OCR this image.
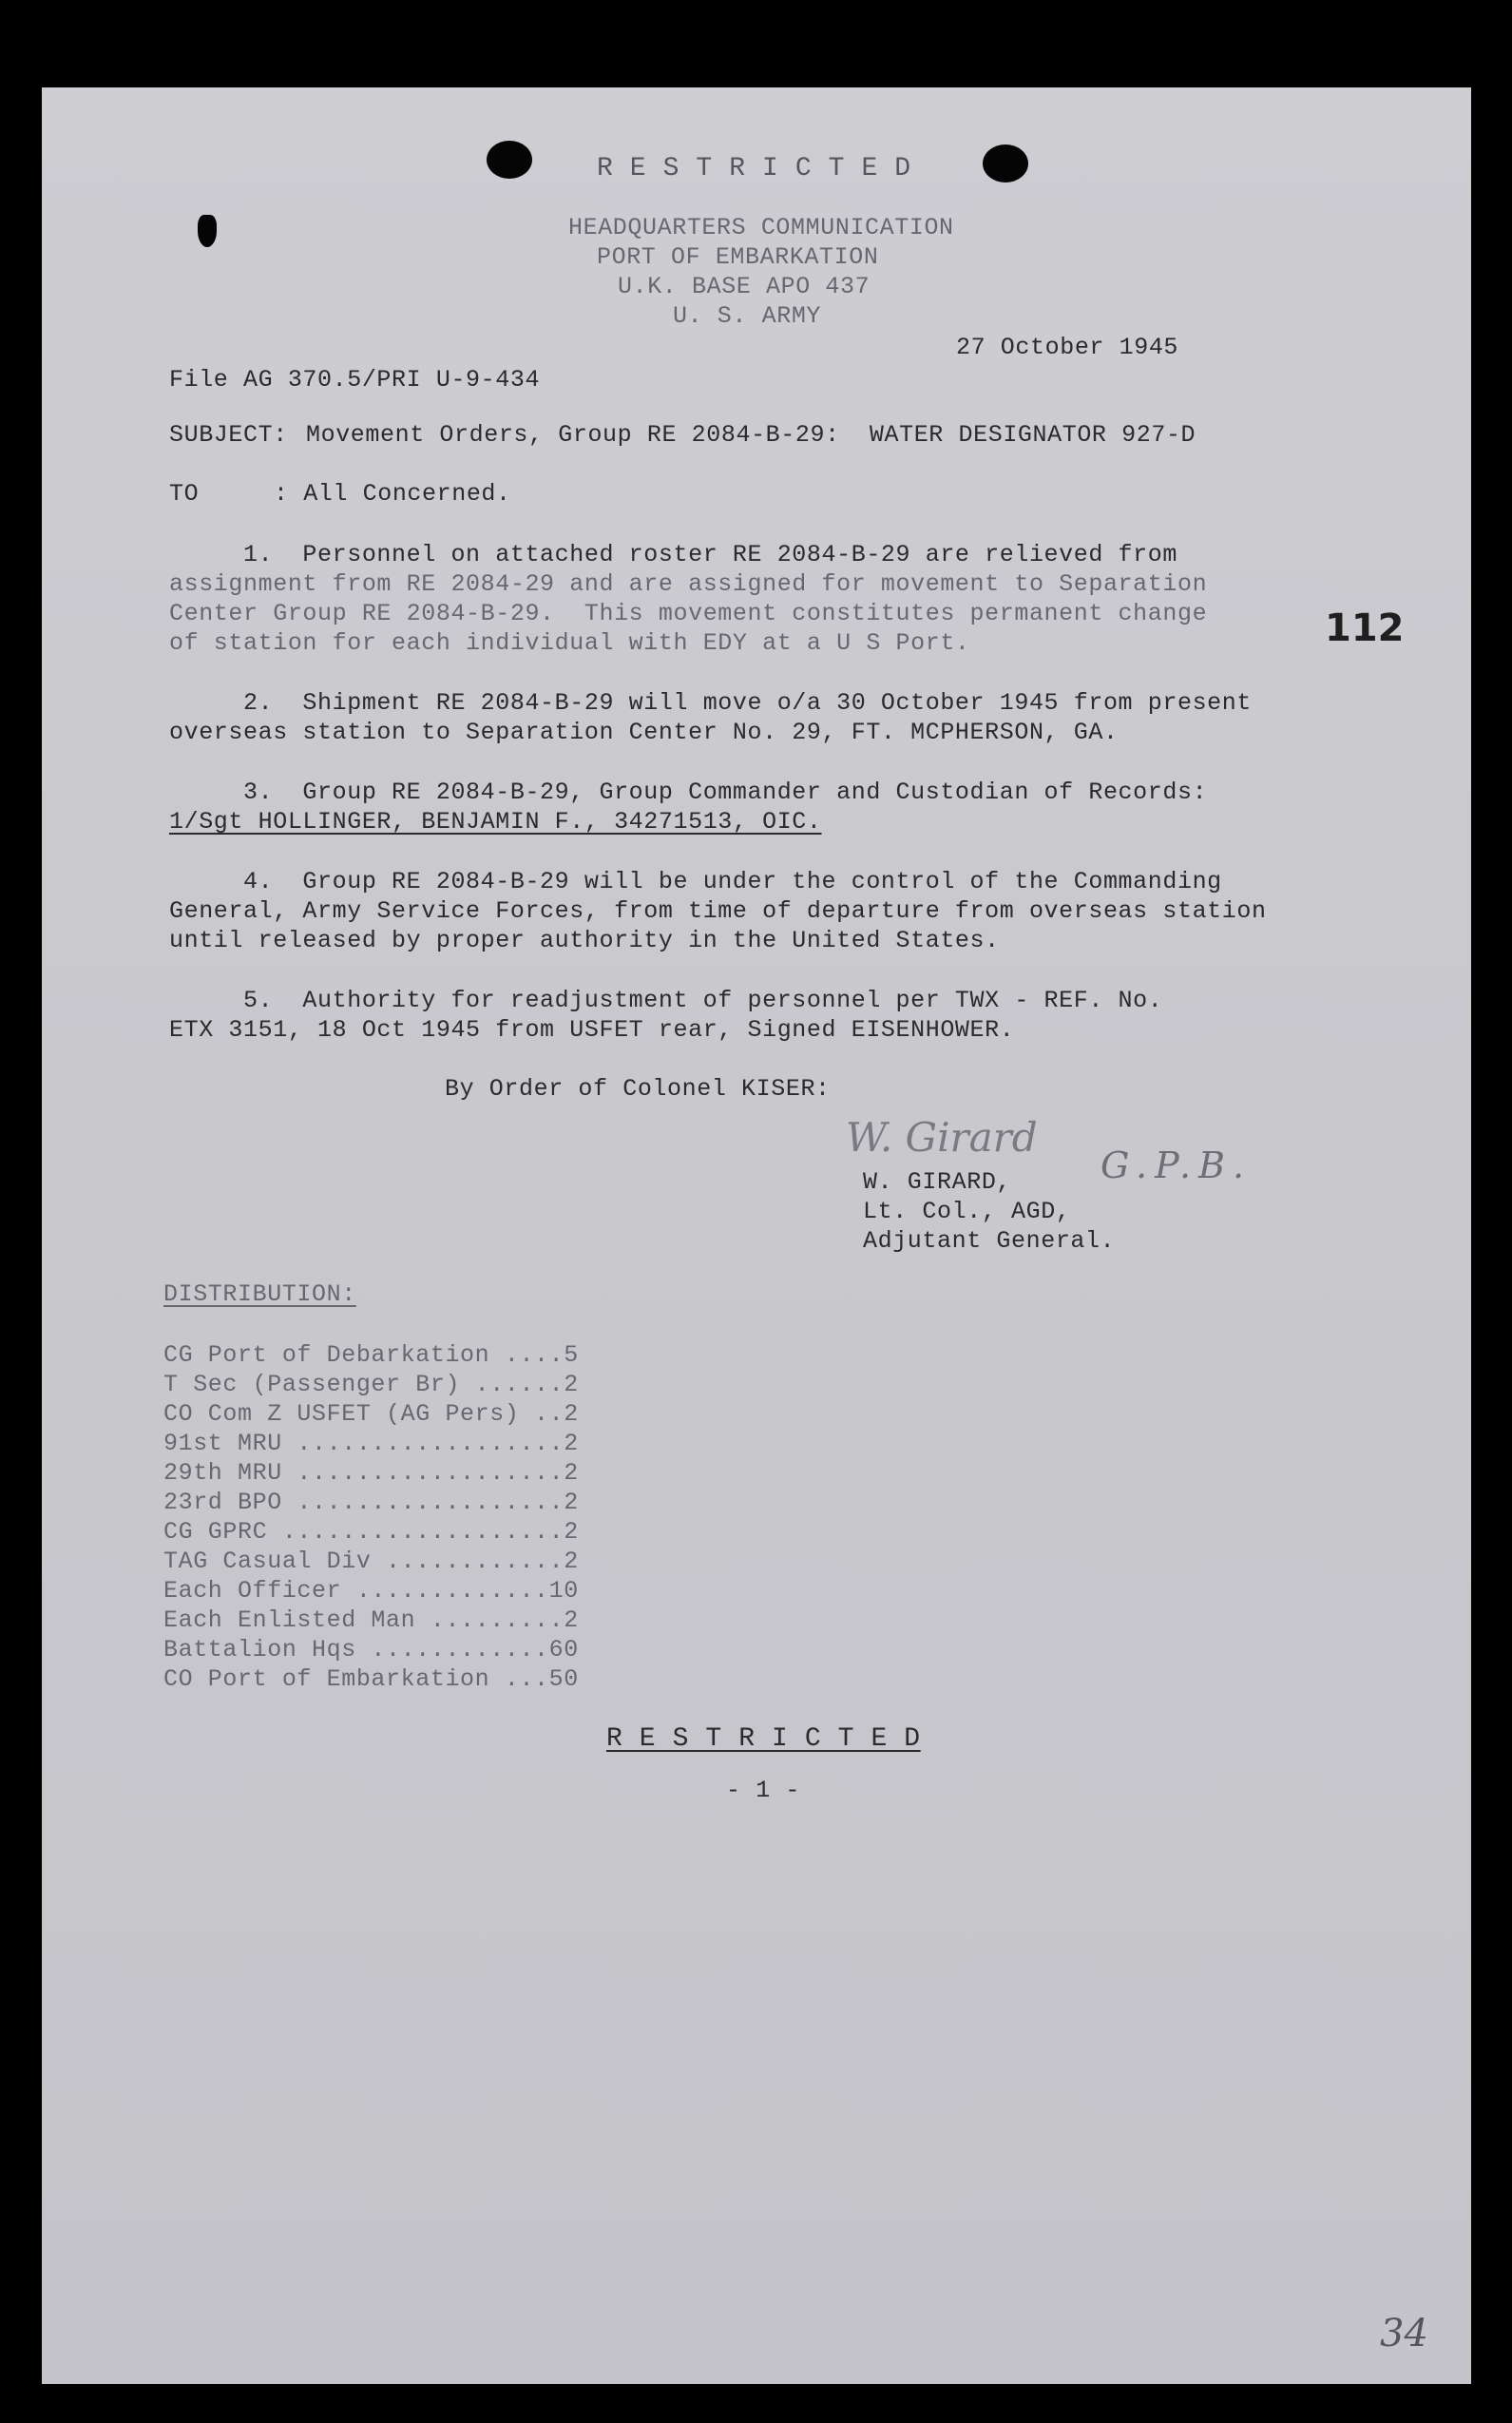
R E S T R I C T E D
HEADQUARTERS COMMUNICATION
PORT OF EMBARKATION
U.K. BASE APO 437
U. S. ARMY
27 October 1945
File AG 370.5/PRI U-9-434
SUBJECT: Movement Orders, Group RE 2084-B-29:  WATER DESIGNATOR 927-D
TO	: All Concerned.
112
1.  Personnel on attached roster RE 2084-B-29 are relieved from
assignment from RE 2084-29 and are assigned for movement to Separation
Center Group RE 2084-B-29.  This movement constitutes permanent change
of station for each individual with EDY at a U S Port.
2.  Shipment RE 2084-B-29 will move o/a 30 October 1945 from present
overseas station to Separation Center No. 29, FT. MCPHERSON, GA.
3.  Group RE 2084-B-29, Group Commander and Custodian of Records:
1/Sgt HOLLINGER, BENJAMIN F., 34271513, OIC.
4.  Group RE 2084-B-29 will be under the control of the Commanding
General, Army Service Forces, from time of departure from overseas station
until released by proper authority in the United States.
5.  Authority for readjustment of personnel per TWX - REF. No.
ETX 3151, 18 Oct 1945 from USFET rear, Signed EISENHOWER.
By Order of Colonel KISER:
W. Girard
G.P.B.
W. GIRARD,
Lt. Col., AGD,
Adjutant General.
DISTRIBUTION:
CG Port of Debarkation ....5
T Sec (Passenger Br) ......2
CO Com Z USFET (AG Pers) ..2
91st MRU ..................2
29th MRU ..................2
23rd BPO ..................2
CG GPRC ...................2
TAG Casual Div ............2
Each Officer .............10
Each Enlisted Man .........2
Battalion Hqs ............60
CO Port of Embarkation ...50
R E S T R I C T E D
- 1 -
34
